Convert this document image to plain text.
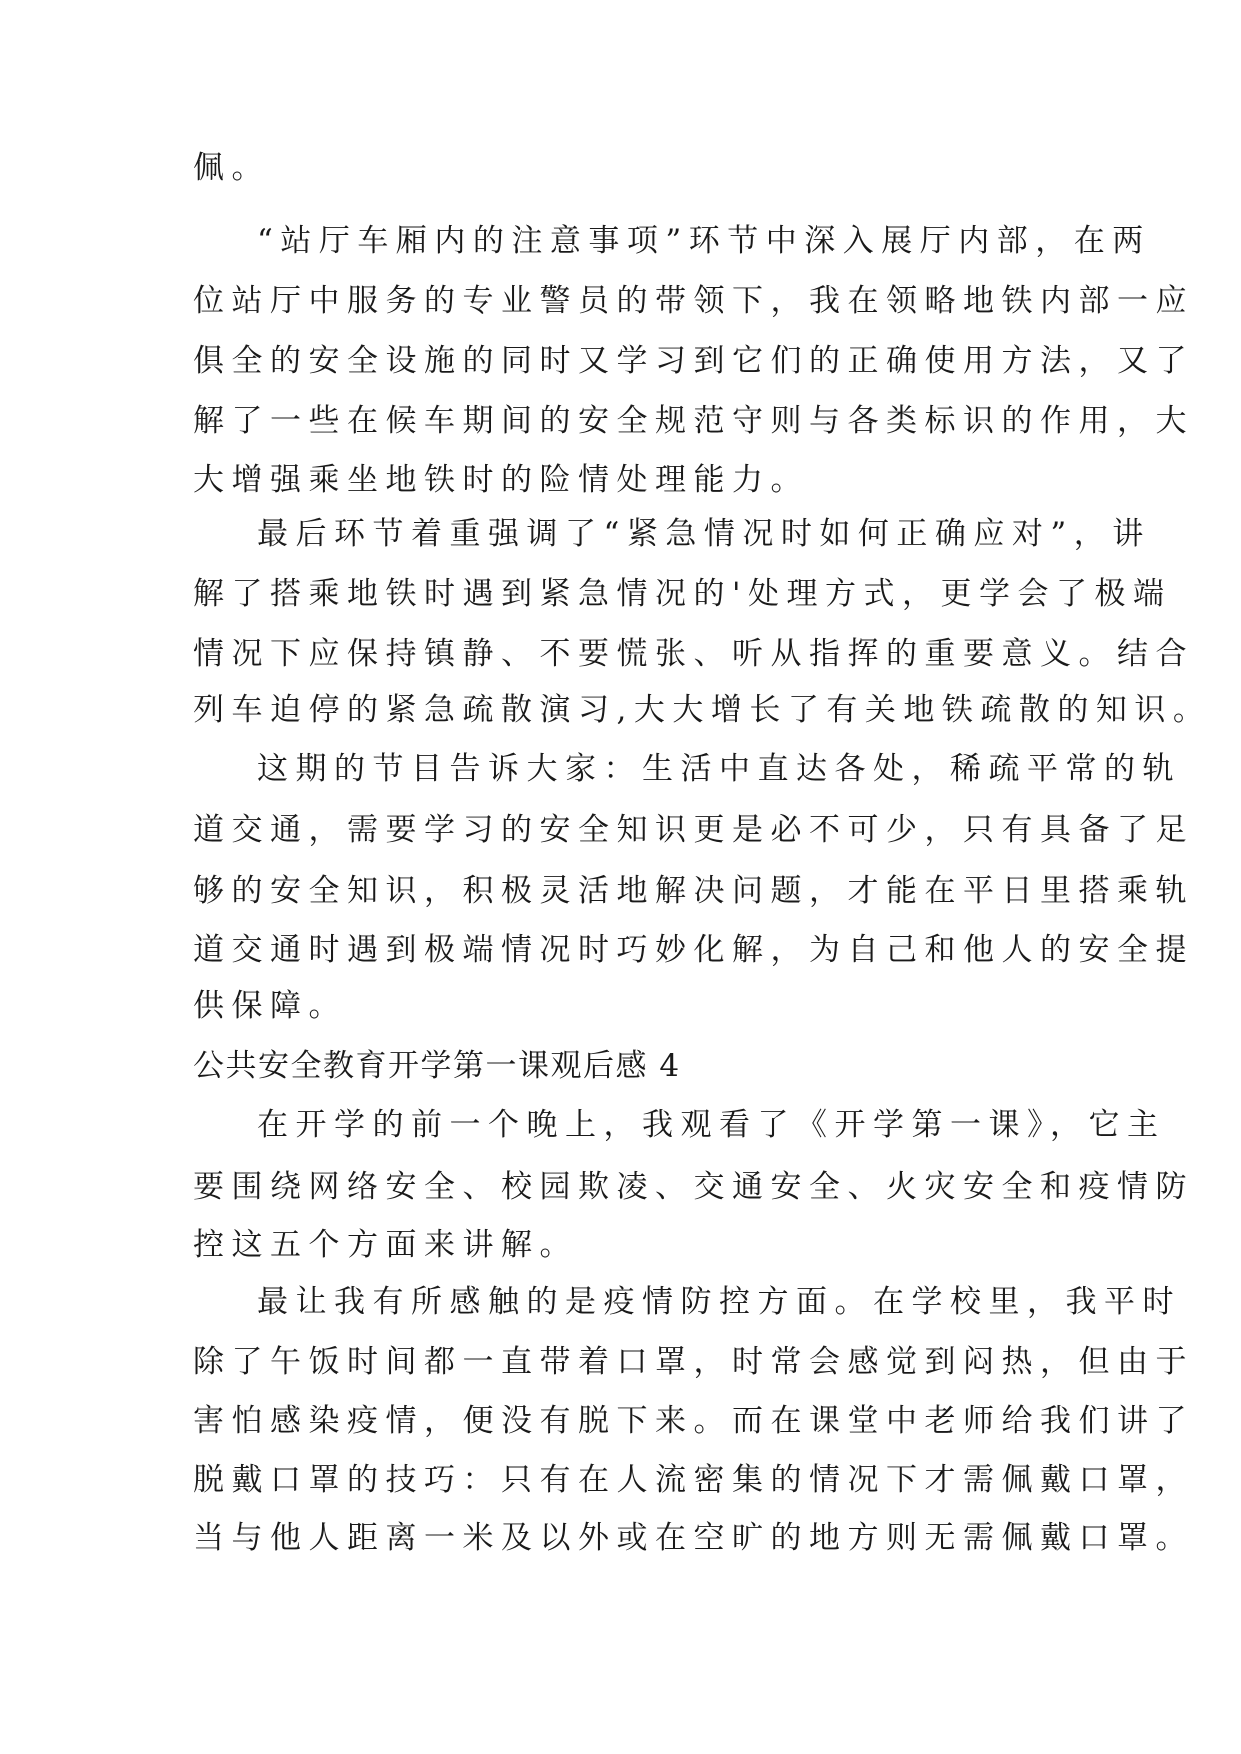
佩。
“站厅车厢内的注意事项”环节中深入展厅内部，在两
位站厅中服务的专业警员的带领下，我在领略地铁内部一应
俱全的安全设施的同时又学习到它们的正确使用方法，又了
解了一些在候车期间的安全规范守则与各类标识的作用，大
大增强乘坐地铁时的险情处理能力。
最后环节着重强调了“紧急情况时如何正确应对”，讲
解了搭乘地铁时遇到紧急情况的'处理方式，更学会了极端
情况下应保持镇静、不要慌张、听从指挥的重要意义。结合
列车迫停的紧急疏散演习,大大增长了有关地铁疏散的知识。
这期的节目告诉大家：生活中直达各处，稀疏平常的轨
道交通，需要学习的安全知识更是必不可少，只有具备了足
够的安全知识，积极灵活地解决问题，才能在平日里搭乘轨
道交通时遇到极端情况时巧妙化解，为自己和他人的安全提
供保障。
公共安全教育开学第一课观后感 4
在开学的前一个晚上，我观看了《开学第一课》，它主
要围绕网络安全、校园欺凌、交通安全、火灾安全和疫情防
控这五个方面来讲解。
最让我有所感触的是疫情防控方面。在学校里，我平时
除了午饭时间都一直带着口罩，时常会感觉到闷热，但由于
害怕感染疫情，便没有脱下来。而在课堂中老师给我们讲了
脱戴口罩的技巧：只有在人流密集的情况下才需佩戴口罩，
当与他人距离一米及以外或在空旷的地方则无需佩戴口罩。
